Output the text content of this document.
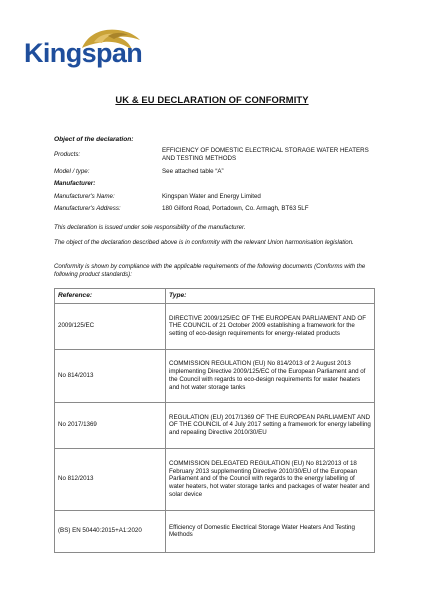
Kingspan
UK & EU DECLARATION OF CONFORMITY
Object of the declaration:
Products:
EFFICIENCY OF DOMESTIC ELECTRICAL STORAGE WATER HEATERS AND TESTING METHODS
Model / type:	See attached table “A”
Manufacturer:
Manufacturer's Name:	Kingspan Water and Energy Limited
Manufacturer's Address:	180 Gilford Road, Portadown, Co. Armagh, BT63 5LF
This declaration is issued under sole responsibility of the manufacturer.
The object of the declaration described above is in conformity with the relevant Union harmonisation legislation.
Conformity is shown by compliance with the applicable requirements of the following documents (Conforms with the following product standards):
Reference:	Type:
2009/125/EC	DIRECTIVE 2009/125/EC OF THE EUROPEAN PARLIAMENT AND OF THE COUNCIL of 21 October 2009 establishing a framework for the setting of eco-design requirements for energy-related products
No 814/2013	COMMISSION REGULATION (EU) No 814/2013 of 2 August 2013 implementing Directive 2009/125/EC of the European Parliament and of the Council with regards to eco-design requirements for water heaters and hot water storage tanks
No 2017/1369	REGULATION (EU) 2017/1369 OF THE EUROPEAN PARLIAMENT AND OF THE COUNCIL of 4 July 2017 setting a framework for energy labelling and repealing Directive 2010/30/EU
No 812/2013	COMMISSION DELEGATED REGULATION (EU) No 812/2013 of 18 February 2013 supplementing Directive 2010/30/EU of the European Parliament and of the Council with regards to the energy labelling of water heaters, hot water storage tanks and packages of water heater and solar device
(BS) EN 50440:2015+A1:2020	Efficiency of Domestic Electrical Storage Water Heaters And Testing Methods
